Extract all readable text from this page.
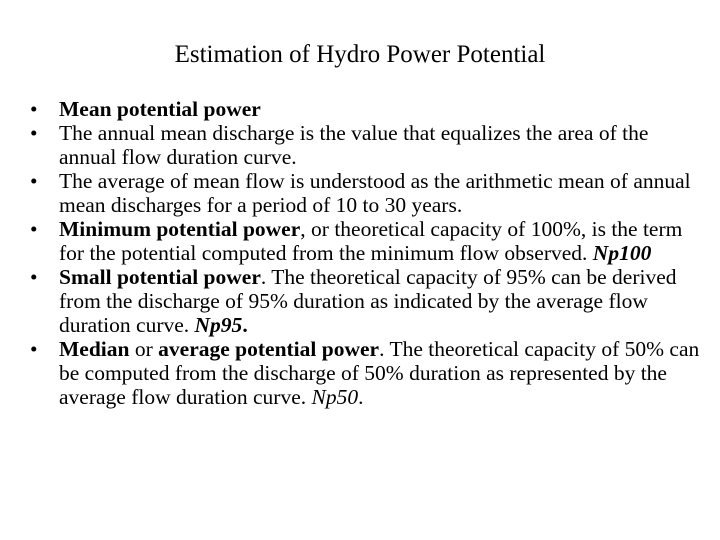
Estimation of Hydro Power Potential
• Mean potential power
• The annual mean discharge is the value that equalizes the area of the annual flow duration curve.
• The average of mean flow is understood as the arithmetic mean of annual mean discharges for a period of 10 to 30 years.
• Minimum potential power, or theoretical capacity of 100%, is the term for the potential computed from the minimum flow observed. Np100
• Small potential power. The theoretical capacity of 95% can be derived from the discharge of 95% duration as indicated by the average flow duration curve. Np95.
• Median or average potential power. The theoretical capacity of 50% can be computed from the discharge of 50% duration as represented by the average flow duration curve. Np50.
